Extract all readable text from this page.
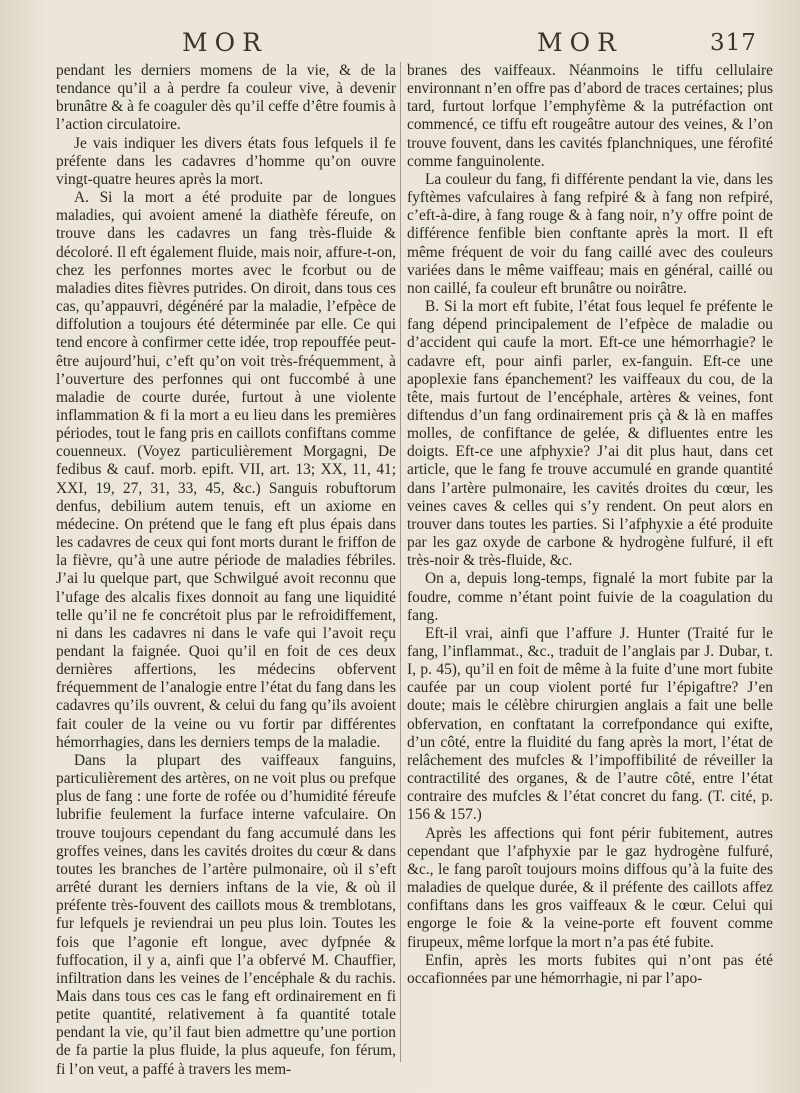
MOR	MOR	317

pendant les derniers momens de la vie, & de la tendance qu’il a à perdre fa couleur vive, à devenir brunâtre & à fe coaguler dès qu’il ceffe d’être foumis à l’action circulatoire.

Je vais indiquer les divers états fous lefquels il fe préfente dans les cadavres d’homme qu’on ouvre vingt-quatre heures après la mort.

A. Si la mort a été produite par de longues maladies, qui avoient amené la diathèfe féreufe, on trouve dans les cadavres un fang très-fluide & décoloré. Il eft également fluide, mais noir, affure-t-on, chez les perfonnes mortes avec le fcorbut ou de maladies dites fièvres putrides. On diroit, dans tous ces cas, qu’appauvri, dégénéré par la maladie, l’efpèce de diffolution a toujours été déterminée par elle. Ce qui tend encore à confirmer cette idée, trop repouffée peut-être aujourd’hui, c’eft qu’on voit très-fréquemment, à l’ouverture des perfonnes qui ont fuccombé à une maladie de courte durée, furtout à une violente inflammation & fi la mort a eu lieu dans les premières périodes, tout le fang pris en caillots confiftans comme couenneux. (Voyez particulièrement Morgagni, De fedibus & cauf. morb. epift. VII, art. 13; XX, 11, 41; XXI, 19, 27, 31, 33, 45, &c.) Sanguis robuftorum denfus, debilium autem tenuis, eft un axiome en médecine. On prétend que le fang eft plus épais dans les cadavres de ceux qui font morts durant le friffon de la fièvre, qu’à une autre période de maladies fébriles. J’ai lu quelque part, que Schwilgué avoit reconnu que l’ufage des alcalis fixes donnoit au fang une liquidité telle qu’il ne fe concrétoit plus par le refroidiffement, ni dans les cadavres ni dans le vafe qui l’avoit reçu pendant la faignée. Quoi qu’il en foit de ces deux dernières affertions, les médecins obfervent fréquemment de l’analogie entre l’état du fang dans les cadavres qu’ils ouvrent, & celui du fang qu’ils avoient fait couler de la veine ou vu fortir par différentes hémorrhagies, dans les derniers temps de la maladie.

Dans la plupart des vaiffeaux fanguins, particulièrement des artères, on ne voit plus ou prefque plus de fang : une forte de rofée ou d’humidité féreufe lubrifie feulement la furface interne vafculaire. On trouve toujours cependant du fang accumulé dans les groffes veines, dans les cavités droites du cœur & dans toutes les branches de l’artère pulmonaire, où il s’eft arrêté durant les derniers inftans de la vie, & où il préfente très-fouvent des caillots mous & tremblotans, fur lefquels je reviendrai un peu plus loin. Toutes les fois que l’agonie eft longue, avec dyfpnée & fuffocation, il y a, ainfi que l’a obfervé M. Chauffier, infiltration dans les veines de l’encéphale & du rachis. Mais dans tous ces cas le fang eft ordinairement en fi petite quantité, relativement à fa quantité totale pendant la vie, qu’il faut bien admettre qu’une portion de fa partie la plus fluide, la plus aqueufe, fon férum, fi l’on veut, a paffé à travers les mem-

branes des vaiffeaux. Néanmoins le tiffu cellulaire environnant n’en offre pas d’abord de traces certaines; plus tard, furtout lorfque l’emphyfème & la putréfaction ont commencé, ce tiffu eft rougeâtre autour des veines, & l’on trouve fouvent, dans les cavités fplanchniques, une férofité comme fanguinolente.

La couleur du fang, fi différente pendant la vie, dans les fyftèmes vafculaires à fang refpiré & à fang non refpiré, c’eft-à-dire, à fang rouge & à fang noir, n’y offre point de différence fenfible bien conftante après la mort. Il eft même fréquent de voir du fang caillé avec des couleurs variées dans le même vaiffeau; mais en général, caillé ou non caillé, fa couleur eft brunâtre ou noirâtre.

B. Si la mort eft fubite, l’état fous lequel fe préfente le fang dépend principalement de l’efpèce de maladie ou d’accident qui caufe la mort. Eft-ce une hémorrhagie? le cadavre eft, pour ainfi parler, ex-fanguin. Eft-ce une apoplexie fans épanchement? les vaiffeaux du cou, de la tête, mais furtout de l’encéphale, artères & veines, font diftendus d’un fang ordinairement pris çà & là en maffes molles, de confiftance de gelée, & difluentes entre les doigts. Eft-ce une afphyxie? J’ai dit plus haut, dans cet article, que le fang fe trouve accumulé en grande quantité dans l’artère pulmonaire, les cavités droites du cœur, les veines caves & celles qui s’y rendent. On peut alors en trouver dans toutes les parties. Si l’afphyxie a été produite par les gaz oxyde de carbone & hydrogène fulfuré, il eft très-noir & très-fluide, &c.

On a, depuis long-temps, fignalé la mort fubite par la foudre, comme n’étant point fuivie de la coagulation du fang.

Eft-il vrai, ainfi que l’affure J. Hunter (Traité fur le fang, l’inflammat., &c., traduit de l’anglais par J. Dubar, t. I, p. 45), qu’il en foit de même à la fuite d’une mort fubite caufée par un coup violent porté fur l’épigaftre? J’en doute; mais le célèbre chirurgien anglais a fait une belle obfervation, en conftatant la correfpondance qui exifte, d’un côté, entre la fluidité du fang après la mort, l’état de relâchement des mufcles & l’impoffibilité de réveiller la contractilité des organes, & de l’autre côté, entre l’état contraire des mufcles & l’état concret du fang. (T. cité, p. 156 & 157.)

Après les affections qui font périr fubitement, autres cependant que l’afphyxie par le gaz hydrogène fulfuré, &c., le fang paroît toujours moins diffous qu’à la fuite des maladies de quelque durée, & il préfente des caillots affez confiftans dans les gros vaiffeaux & le cœur. Celui qui engorge le foie & la veine-porte eft fouvent comme firupeux, même lorfque la mort n’a pas été fubite.

Enfin, après les morts fubites qui n’ont pas été occafionnées par une hémorrhagie, ni par l’apo-
